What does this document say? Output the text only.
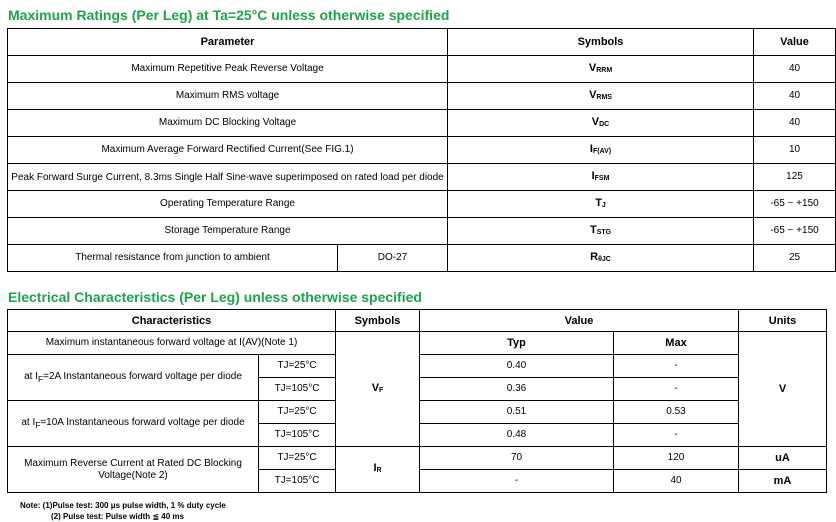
Maximum Ratings (Per Leg) at Ta=25°C unless otherwise specified
Parameter		Symbols	Value	
Maximum Repetitive Peak Reverse Voltage		$V_{RRM}$	40	
Maximum RMS voltage		$V_{RMS}$	40	
Maximum DC Blocking Voltage		$V_{DC}$	40	
Maximum Average Forward Rectified Current(See FIG.1)		$I_{F(AV)}$	10	
Peak Forward Surge Current, 8.3ms Single Half Sine-wave superimposed on rated load per diode		$I_{FSM}$	125	
Operating Temperature Range		$T_J$	-65 ~ +150	
Storage Temperature Range		$T_{STG}$	-65 ~ +150	
Thermal resistance from junction to ambient	DO-27	$R_{\theta JC}$	25	
Electrical Characteristics (Per Leg) unless otherwise specified
Characteristics		Symbols	Value		Units
Maximum instantaneous forward voltage at I(AV)(Note 1)		$V_F$	Typ	Max	V
at $I_F=2A$ Instantaneous forward voltage per diode	TJ=25°C		0.40	-	
	TJ=105°C		0.36	-	
at $I_F=10A$ Instantaneous forward voltage per diode	TJ=25°C		0.51	0.53	
	TJ=105°C		0.48	-	
Maximum Reverse Current at Rated DC Blocking Voltage(Note 2)	TJ=25°C	$I_R$	70	120	uA
	TJ=105°C		-	40	mA

Note: (1)Pulse test: 300 μs pulse width, 1 % duty cycle
(2) Pulse test: Pulse width ≦ 40 ms
